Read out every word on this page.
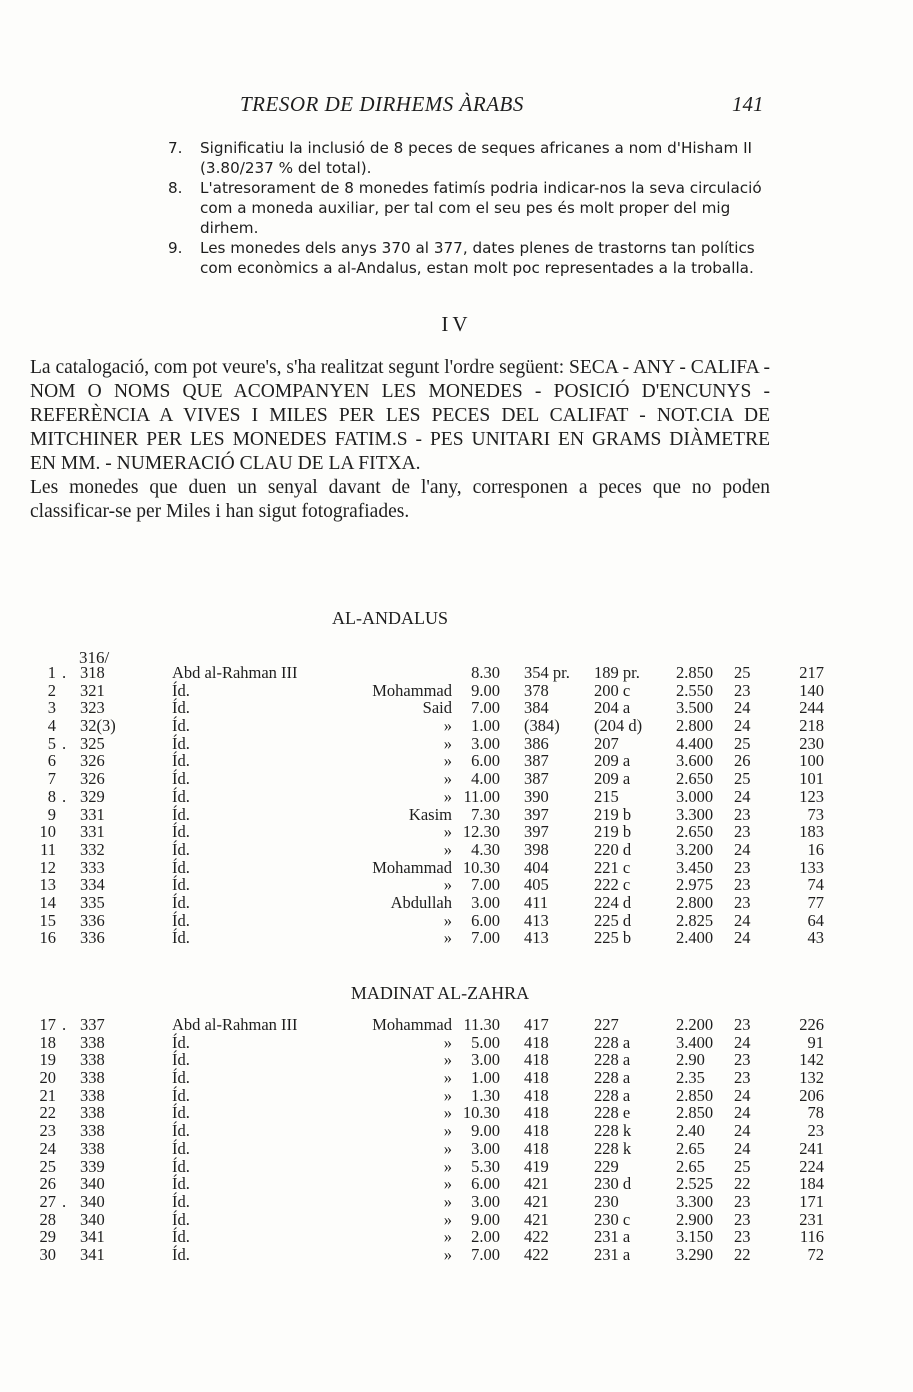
TRESOR DE DIRHEMS ÀRABS	141

7. Significatiu la inclusió de 8 peces de seques africanes a nom d'Hisham II (3.80/237 % del total).

8. L'atresorament de 8 monedes fatimís podria indicar-nos la seva circulació com a moneda auxiliar, per tal com el seu pes és molt proper del mig dirhem.

9. Les monedes dels anys 370 al 377, dates plenes de trastorns tan polítics com econòmics a al-Andalus, estan molt poc representades a la troballa.

IV

La catalogació, com pot veure's, s'ha realitzat segunt l'ordre següent: SECA - ANY - CALIFA - NOM O NOMS QUE ACOMPANYEN LES MONEDES - POSICIÓ D'ENCUNYS - REFERÈNCIA A VIVES I MILES PER LES PECES DEL CALIFAT - NOT.CIA DE MITCHINER PER LES MONEDES FATIM.S - PES UNITARI EN GRAMS DIÀMETRE EN MM. - NUMERACIÓ CLAU DE LA FITXA.

Les monedes que duen un senyal davant de l'any, corresponen a peces que no poden classificar-se per Miles i han sigut fotografiades.

AL-ANDALUS
316/
1 . 318	Abd al-Rahman III	8.30 354 pr. 189 pr. 2.850 25	217
2 321	Íd.	Mohammad	9.00 378	200 c	2.550 23	140
3 323	Íd.	Said	7.00 384	204 a	3.500 24	244
4 32(3)	Íd.	»	1.00 (384) (204 d) 2.800 24	218
5 . 325	Íd.	»	3.00 386	207	4.400 25	230
6 326	Íd.	»	6.00 387	209 a	3.600 26	100
7 326	Íd.	»	4.00 387	209 a	2.650 25	101
8 . 329	Íd.	» 11.00 390	215	3.000 24	123
9 331	Íd.	Kasim	7.30 397	219 b	3.300 23	73
10 331	Íd.	» 12.30 397	219 b	2.650 23	183
11 332	Íd.	»	4.30 398	220 d	3.200 24	16
12 333	Íd.	Mohammad 10.30 404	221 c	3.450 23	133
13 334	Íd.	»	7.00 405	222 c	2.975 23	74
14 335	Íd.	Abdullah	3.00 411	224 d	2.800 23	77
15 336	Íd.	»	6.00 413	225 d	2.825 24	64
16 336	Íd.	»	7.00 413	225 b	2.400 24	43
MADINAT AL-ZAHRA
17 . 337	Abd al-Rahman III	Mohammad 11.30 417	227	2.200 23	226
18 338	Íd.	»	5.00 418	228 a	3.400 24	91
19 338	Íd.	»	3.00 418	228 a	2.90 23	142
20 338	Íd.	»	1.00 418	228 a	2.35 23	132
21 338	Íd.	»	1.30 418	228 a	2.850 24	206
22 338	Íd.	» 10.30 418	228 e	2.850 24	78
23 338	Íd.	»	9.00 418	228 k	2.40 24	23
24 338	Íd.	»	3.00 418	228 k	2.65 24	241
25 339	Íd.	»	5.30 419	229	2.65 25	224
26 340	Íd.	»	6.00 421	230 d	2.525 22	184
27 . 340	Íd.	»	3.00 421	230	3.300 23	171
28 340	Íd.	»	9.00 421	230 c	2.900 23	231
29 341	Íd.	»	2.00 422	231 a	3.150 23	116
30 341	Íd.	»	7.00 422	231 a	3.290 22	72
